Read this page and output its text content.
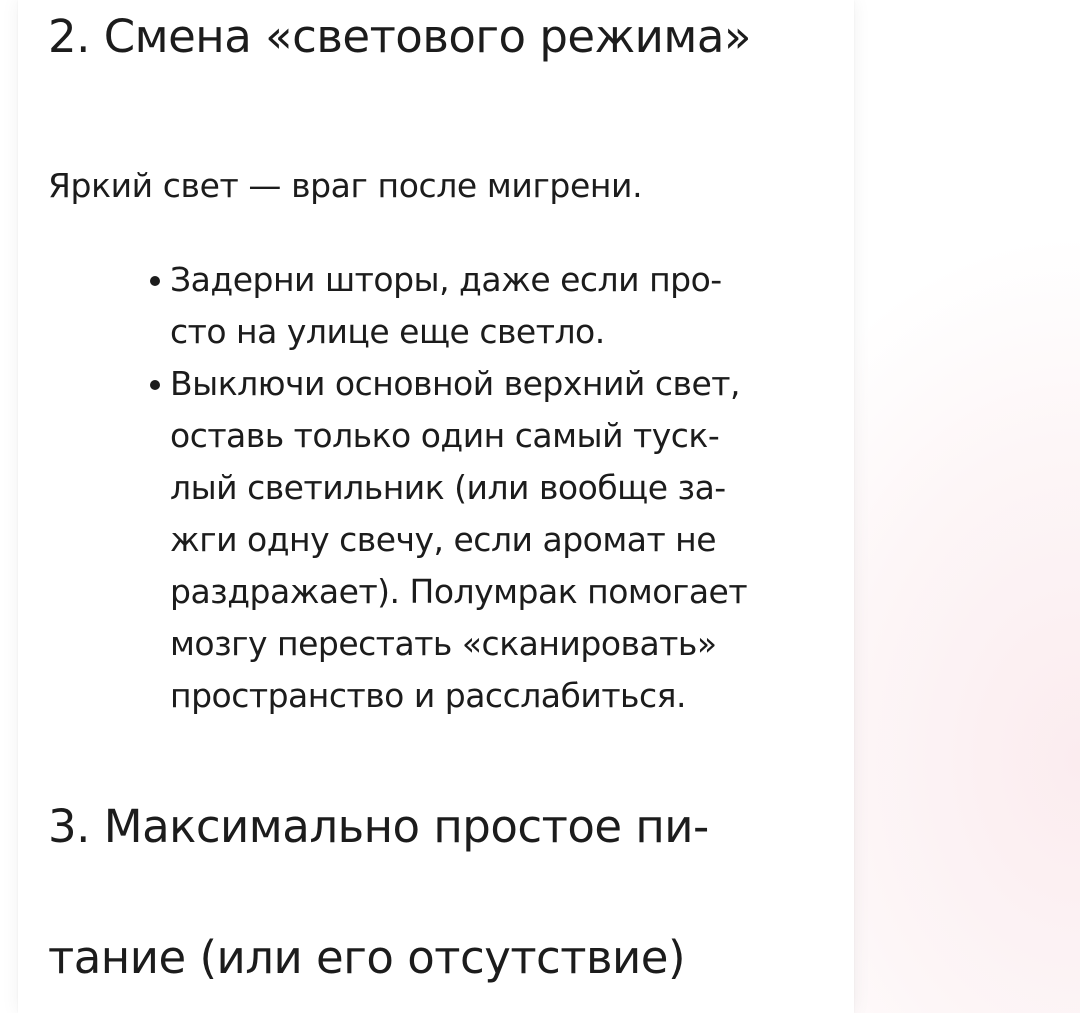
2. Смена «светового режима»

Яркий свет — враг после мигрени.

Задерни шторы, даже если про-
сто на улице еще светло.
Выключи основной верхний свет,
оставь только один самый туск-
лый светильник (или вообще за-
жги одну свечу, если аромат не
раздражает). Полумрак помогает
мозгу перестать «сканировать»
пространство и расслабиться.
3. Максимально простое пи-
тание (или его отсутствие)
